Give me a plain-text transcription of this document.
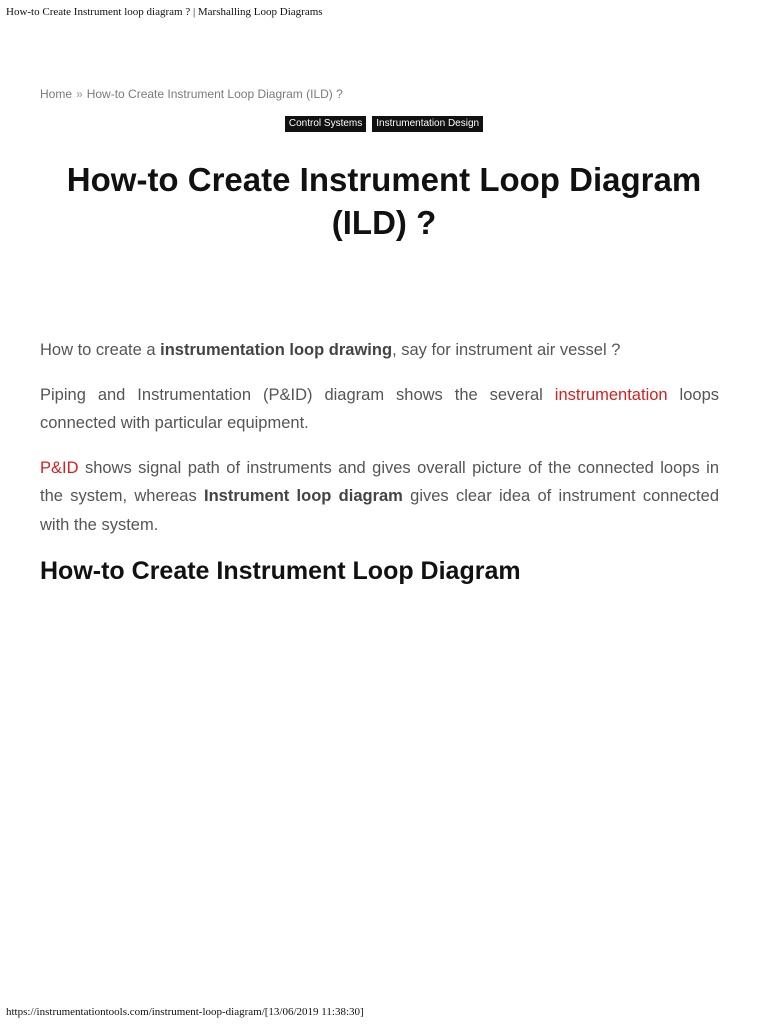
How-to Create Instrument loop diagram ? | Marshalling Loop Diagrams
Home » How-to Create Instrument Loop Diagram (ILD) ?
Control Systems Instrumentation Design
How-to Create Instrument Loop Diagram
(ILD) ?

How to create a instrumentation loop drawing, say for instrument air vessel ?

Piping and Instrumentation (P&ID) diagram shows the several instrumentation loops connected with particular equipment.

P&ID shows signal path of instruments and gives overall picture of the connected loops in the system, whereas Instrument loop diagram gives clear idea of instrument connected with the system.

How-to Create Instrument Loop Diagram
https://instrumentationtools.com/instrument-loop-diagram/[13/06/2019 11:38:30]
